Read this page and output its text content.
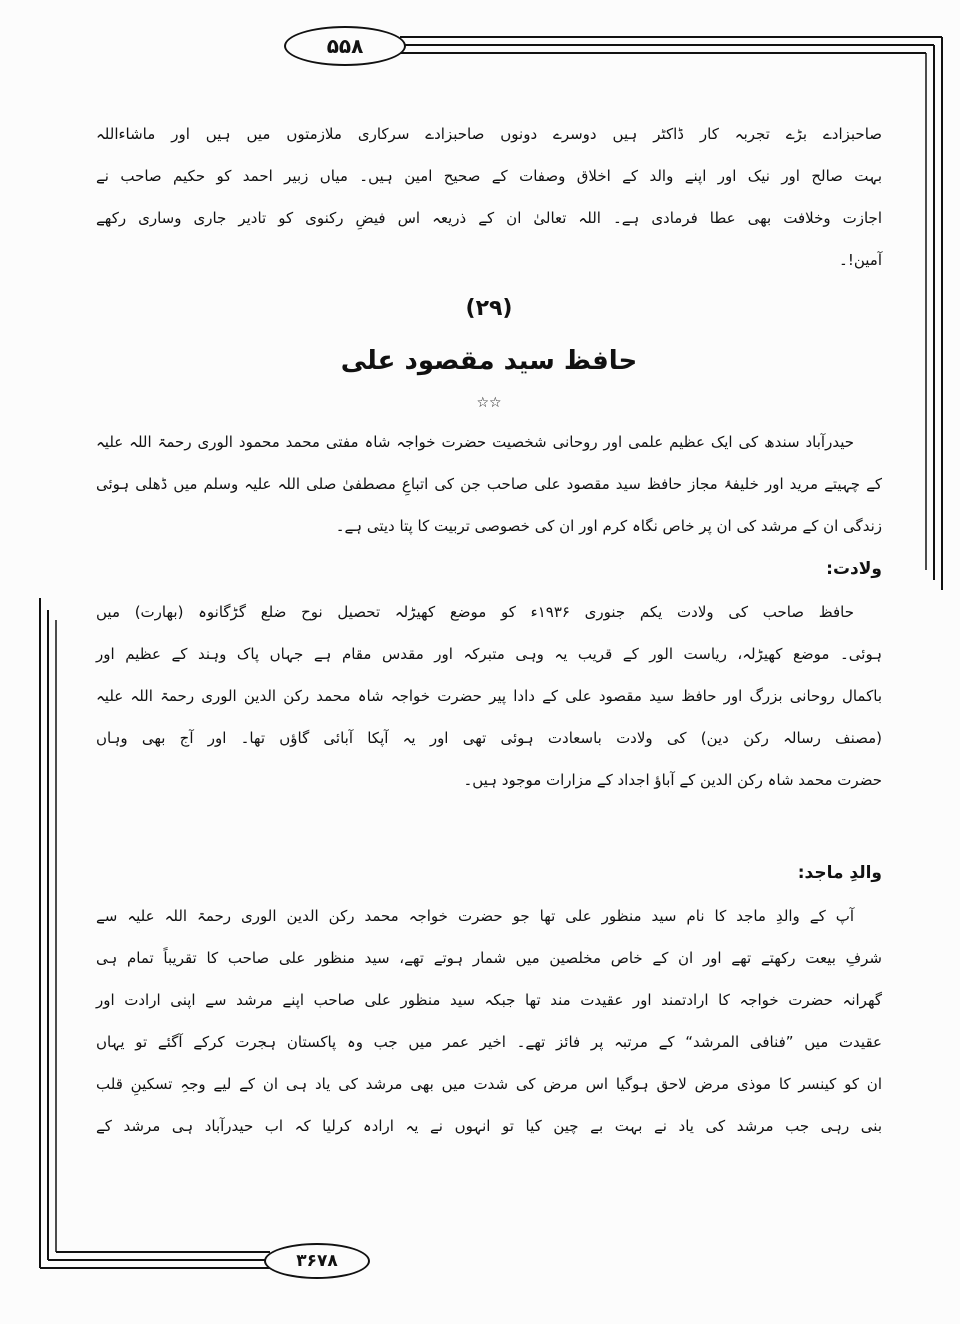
۵۵۸
۳۶۷۸
صاحبزادے بڑے تجربہ کار ڈاکٹر ہیں دوسرے دونوں صاحبزادے سرکاری ملازمتوں میں ہیں اور ماشاءاللہ
بہت صالح اور نیک اور اپنے والد کے اخلاق وصفات کے صحیح امین ہیں۔ میاں زبیر احمد کو حکیم صاحب نے
اجازت وخلافت بھی عطا فرمادی ہے۔ اللہ تعالیٰ ان کے ذریعہ اس فیضِ رکنوی کو تادیر جاری وساری رکھے
آمین!۔
(۲۹)
حافظ سید مقصود علی
☆☆
حیدرآباد سندھ کی ایک عظیم علمی اور روحانی شخصیت حضرت خواجہ شاہ مفتی محمد محمود الوری رحمۃ اللہ علیہ
کے چہیتے مرید اور خلیفۂ مجاز حافظ سید مقصود علی صاحب جن کی اتباعِ مصطفیٰ صلی اللہ علیہ وسلم میں ڈھلی ہوئی
زندگی ان کے مرشد کی ان پر خاص نگاہ کرم اور ان کی خصوصی تربیت کا پتا دیتی ہے۔
ولادت:
حافظ صاحب کی ولادت یکم جنوری ۱۹۳۶ء کو موضع کھیڑلہ تحصیل نوح ضلع گڑگانوہ (بھارت) میں
ہوئی۔ موضع کھیڑلہ، ریاست الور کے قریب یہ وہی متبرکہ اور مقدس مقام ہے جہاں پاک وہند کے عظیم اور
باکمال روحانی بزرگ اور حافظ سید مقصود علی کے دادا پیر حضرت خواجہ شاہ محمد رکن الدین الوری رحمۃ اللہ علیہ
(مصنف رسالہ رکن دین) کی ولادت باسعادت ہوئی تھی اور یہ آپکا آبائی گاؤں تھا۔ اور آج بھی وہاں
حضرت محمد شاہ رکن الدین کے آباؤ اجداد کے مزارات موجود ہیں۔
والدِ ماجد:
آپ کے والدِ ماجد کا نام سید منظور علی تھا جو حضرت خواجہ محمد رکن الدین الوری رحمۃ اللہ علیہ سے
شرفِ بیعت رکھتے تھے اور ان کے خاص مخلصین میں شمار ہوتے تھے، سید منظور علی صاحب کا تقریباً تمام ہی
گھرانہ حضرت خواجہ کا ارادتمند اور عقیدت مند تھا جبکہ سید منظور علی صاحب اپنے مرشد سے اپنی ارادت اور
عقیدت میں ”فنافی المرشد“ کے مرتبہ پر فائز تھے۔ اخیر عمر میں جب وہ پاکستان ہجرت کرکے آگئے تو یہاں
ان کو کینسر کا موذی مرض لاحق ہوگیا اس مرض کی شدت میں بھی مرشد کی یاد ہی ان کے لیے وجہِ تسکینِ قلب
بنی رہی جب مرشد کی یاد نے بہت بے چین کیا تو انہوں نے یہ ارادہ کرلیا کہ اب حیدرآباد ہی مرشد کے
